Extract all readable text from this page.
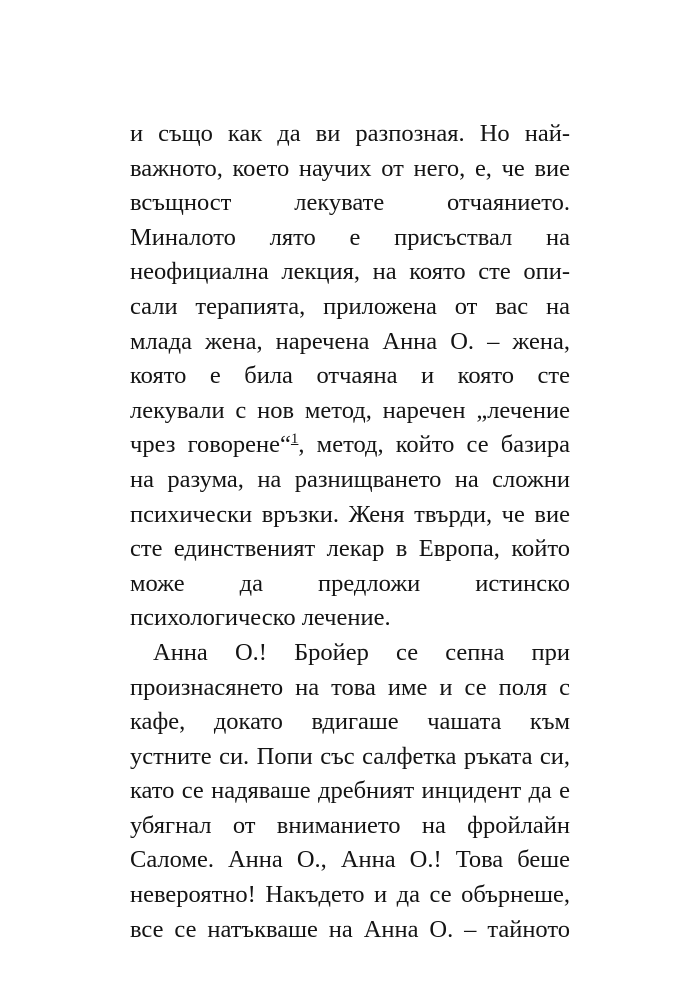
и също как да ви разпозная. Но най-
важното, което научих от него, е, че вие
всъщност лекувате отчаянието.
Миналото лято е присъствал на
неофициална лекция, на която сте опи-
сали терапията, приложена от вас на
млада жена, наречена Анна О. – жена,
която е била отчаяна и която сте
лекували с нов метод, наречен „лечение
чрез говорене“$^1$, метод, който се базира
на разума, на разнищването на сложни
психически връзки. Женя твърди, че вие
сте единственият лекар в Европа, който
може да предложи истинско
психологическо лечение.
Анна О.! Бройер се сепна при
произнасянето на това име и се поля с
кафе, докато вдигаше чашата към
устните си. Попи със салфетка ръката си,
като се надяваше дребният инцидент да е
убягнал от вниманието на фройлайн
Саломе. Анна О., Анна О.! Това беше
невероятно! Накъдето и да се обърнеше,
все се натъкваше на Анна О. – тайното
